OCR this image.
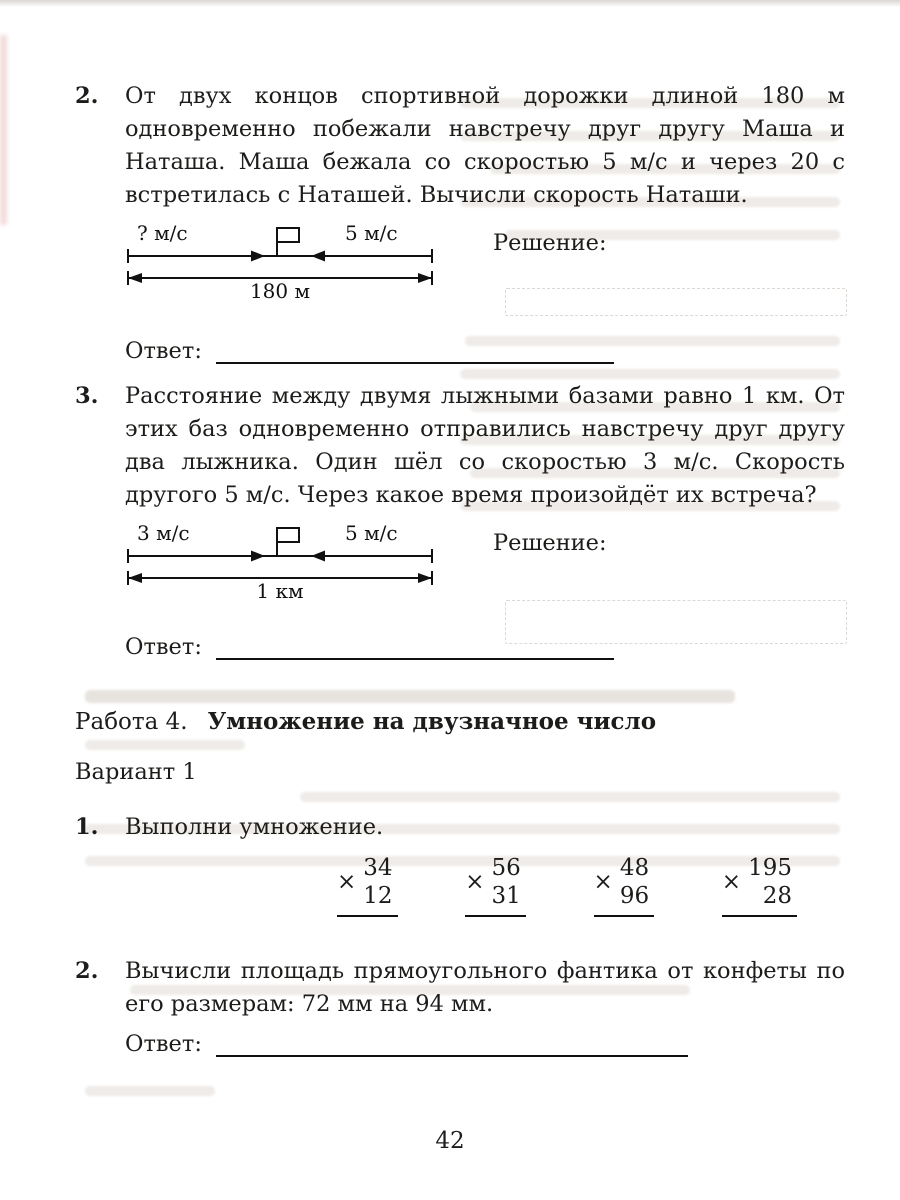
2.	От двух концов спортивной дорожки длиной 180 м одновременно побежали навстречу друг другу Маша и Наташа. Маша бежала со скоростью 5 м/с и через 20 с встретилась с Наташей. Вычисли скорость Наташи.
? м/с	5 м/с
180 м
Решение:
Ответ:
3.	Расстояние между двумя лыжными базами равно 1 км. От этих баз одновременно отправились навстречу друг другу два лыжника. Один шёл со скоростью 3 м/с. Скорость другого 5 м/с. Через какое время произойдёт их встреча?
3 м/с	5 м/с
1 км
Решение:
Ответ:
Работа 4. Умножение на двузначное число
Вариант 1
1.	Выполни умножение.
×
34
12
×
56
31
×
48
96
×
195
28
2.	Вычисли площадь прямоугольного фантика от конфеты по его размерам: 72 мм на 94 мм.
Ответ:
42
